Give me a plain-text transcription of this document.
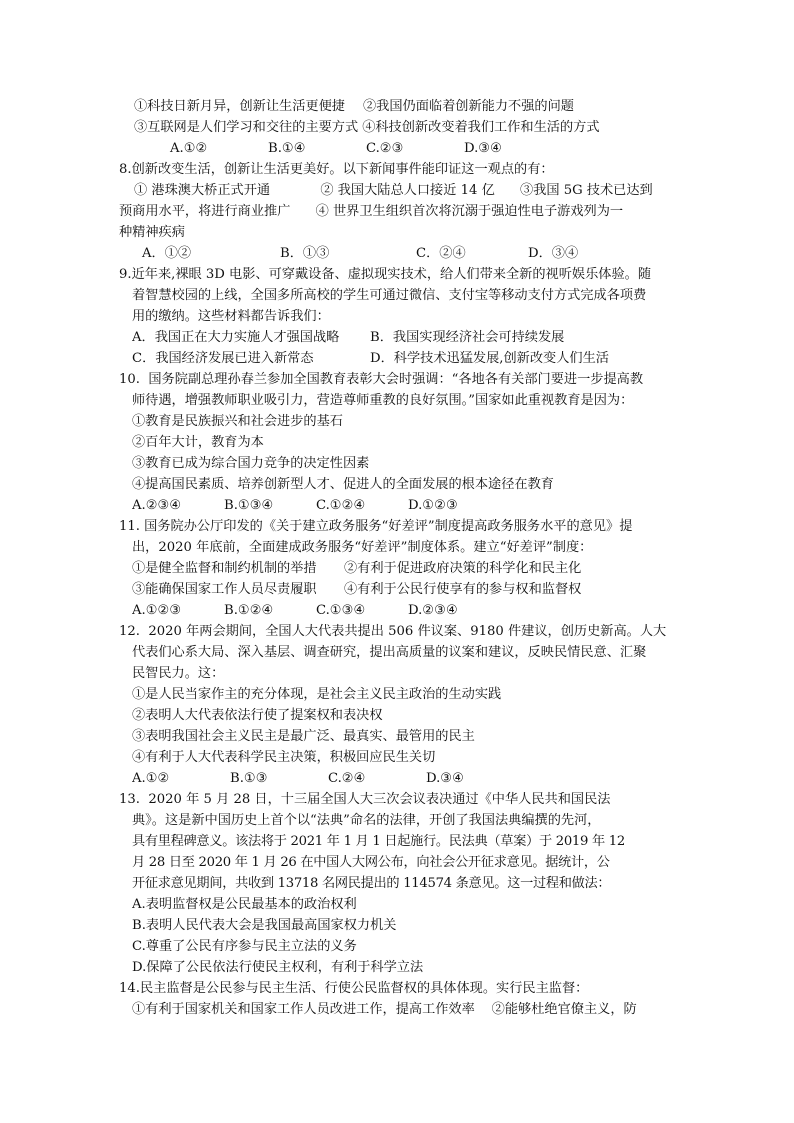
①科技日新月异，创新让生活更便捷 ②我国仍面临着创新能力不强的问题
③互联网是人们学习和交往的主要方式 ④科技创新改变着我们工作和生活的方式
A.①②	B.①④	C.②③	D.③④
8.创新改变生活，创新让生活更美好。以下新闻事件能印证这一观点的有：
① 港珠澳大桥正式开通            ② 我国大陆总人口接近 14 亿      ③我国 5G 技术已达到
预商用水平，将进行商业推广      ④ 世界卫生组织首次将沉溺于强迫性电子游戏列为一
种精神疾病
A．①②	B．①③	C．②④	D．③④
9.近年来,裸眼 3D 电影、可穿戴设备、虚拟现实技术，给人们带来全新的视听娱乐体验。随
着智慧校园的上线，全国多所高校的学生可通过微信、支付宝等移动支付方式完成各项费
用的缴纳。这些材料都告诉我们：
A．我国正在大力实施人才强国战略	B．我国实现经济社会可持续发展
C．我国经济发展已进入新常态	D．科学技术迅猛发展,创新改变人们生活
10.  国务院副总理孙春兰参加全国教育表彰大会时强调：“各地各有关部门要进一步提高教
师待遇，增强教师职业吸引力，营造尊师重教的良好氛围。”国家如此重视教育是因为：
①教育是民族振兴和社会进步的基石
②百年大计，教育为本
③教育已成为综合国力竞争的决定性因素
④提高国民素质、培养创新型人才、促进人的全面发展的根本途径在教育
A.②③④	B.①③④	C.①②④	D.①②③
11. 国务院办公厅印发的《关于建立政务服务“好差评”制度提高政务服务水平的意见》提
出，2020 年底前，全面建成政务服务“好差评”制度体系。建立“好差评”制度：
①是健全监督和制约机制的举措	②有利于促进政府决策的科学化和民主化
③能确保国家工作人员尽责履职	④有利于公民行使享有的参与权和监督权
A.①②③	B.①②④	C.①③④	D.②③④
12.  2020 年两会期间，全国人大代表共提出 506 件议案、9180 件建议，创历史新高。人大
代表们心系大局、深入基层、调查研究，提出高质量的议案和建议，反映民情民意、汇聚
民智民力。这：
①是人民当家作主的充分体现，是社会主义民主政治的生动实践
②表明人大代表依法行使了提案权和表决权
③表明我国社会主义民主是最广泛、最真实、最管用的民主
④有利于人大代表科学民主决策，积极回应民生关切
A.①②	B.①③	C.②④	D.③④
13.  2020 年 5 月 28 日，十三届全国人大三次会议表决通过《中华人民共和国民法
典》。这是新中国历史上首个以“法典”命名的法律，开创了我国法典编撰的先河，
具有里程碑意义。该法将于 2021 年 1 月 1 日起施行。民法典（草案）于 2019 年 12
月 28 日至 2020 年 1 月 26 在中国人大网公布，向社会公开征求意见。据统计，公
开征求意见期间，共收到 13718 名网民提出的 114574 条意见。这一过程和做法：
A.表明监督权是公民最基本的政治权利
B.表明人民代表大会是我国最高国家权力机关
C.尊重了公民有序参与民主立法的义务
D.保障了公民依法行使民主权利，有利于科学立法
14.民主监督是公民参与民主生活、行使公民监督权的具体体现。实行民主监督：
①有利于国家机关和国家工作人员改进工作，提高工作效率    ②能够杜绝官僚主义，防
